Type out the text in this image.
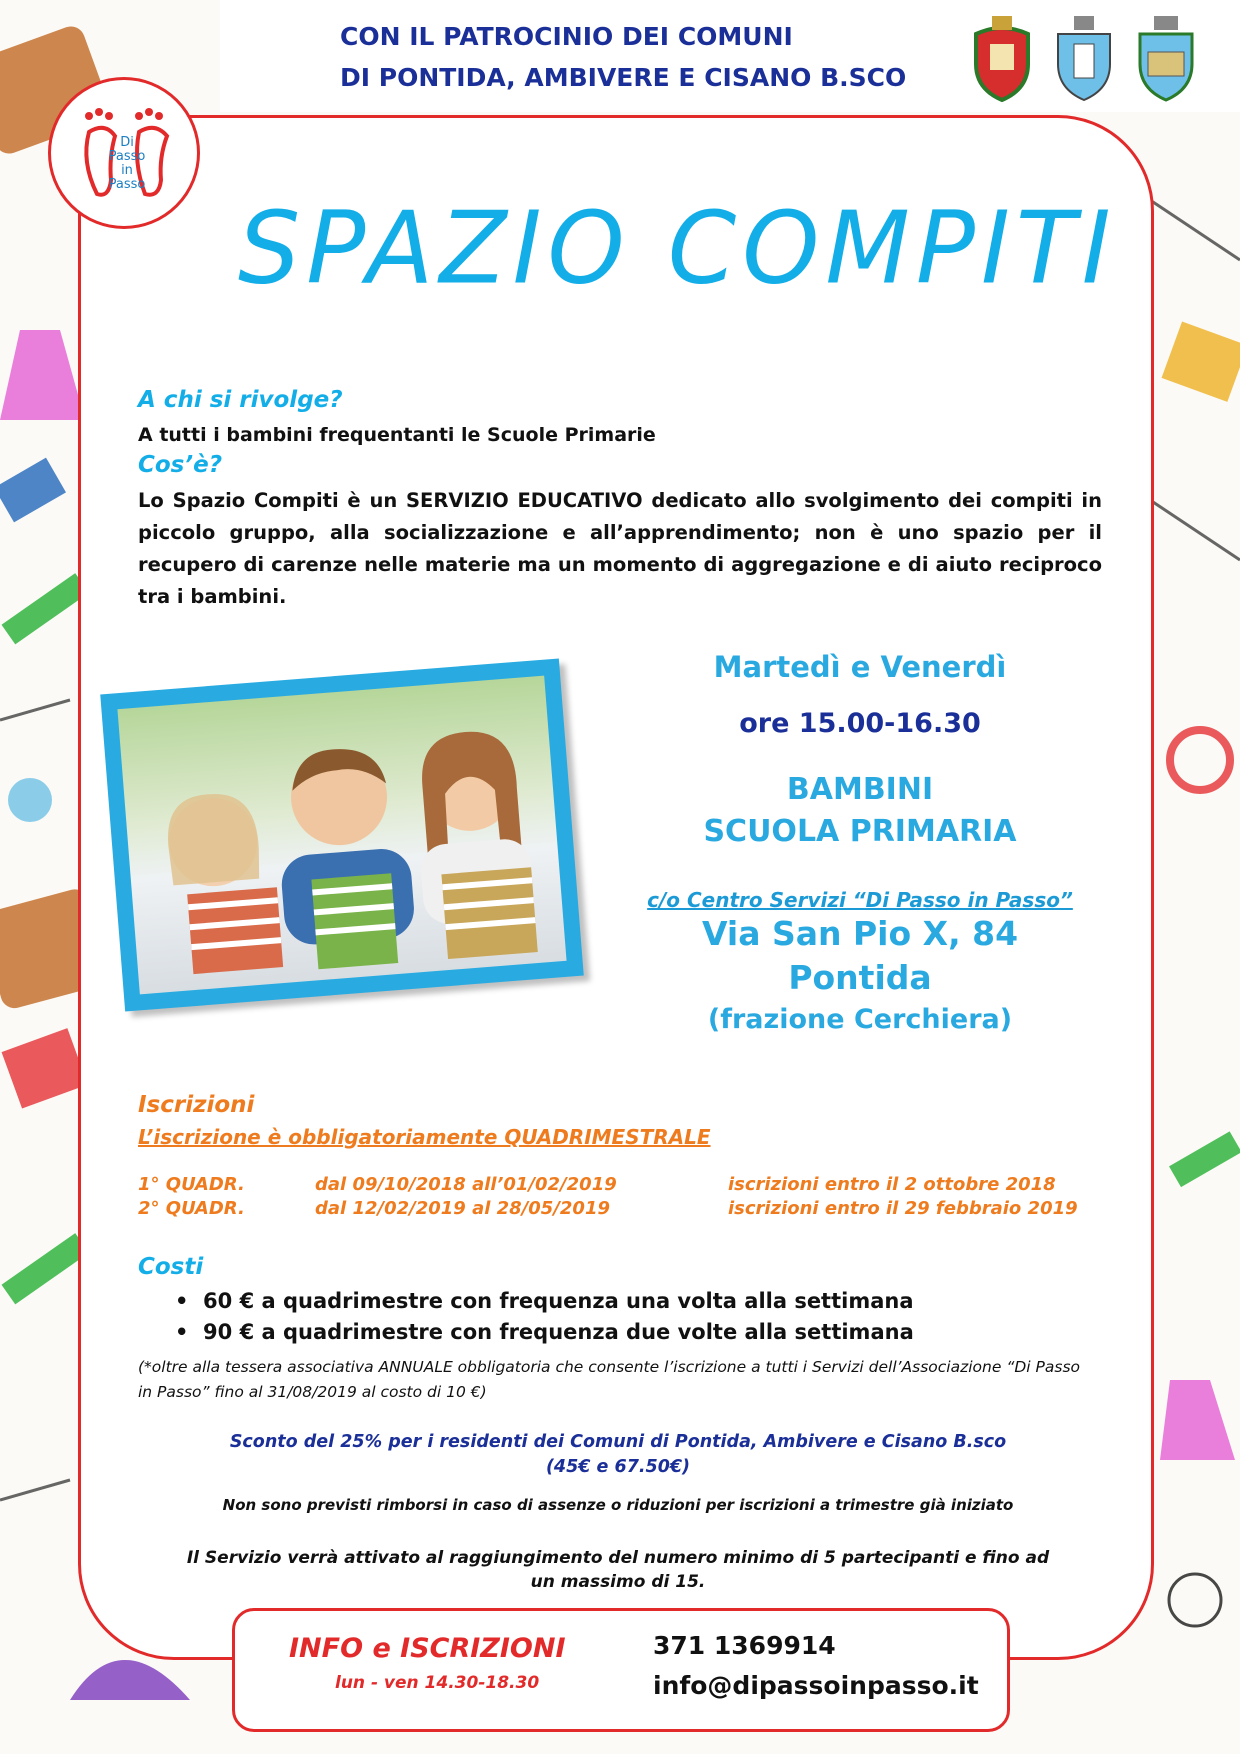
CON IL PATROCINIO DEI COMUNI
DI PONTIDA, AMBIVERE E CISANO B.SCO
Di
Passo
in
Passo
SPAZIO COMPITI
A chi si rivolge?
A tutti i bambini frequentanti le Scuole Primarie
Cos’è?
Lo Spazio Compiti è un SERVIZIO EDUCATIVO dedicato allo svolgimento dei compiti in piccolo gruppo, alla socializzazione e all’apprendimento; non è uno spazio per il recupero di carenze nelle materie ma un momento di aggregazione e di aiuto reciproco tra i bambini.
Martedì e Venerdì
ore 15.00-16.30
BAMBINI
SCUOLA PRIMARIA
c/o Centro Servizi “Di Passo in Passo”
Via San Pio X, 84
Pontida
(frazione Cerchiera)
Iscrizioni
L’iscrizione è obbligatoriamente QUADRIMESTRALE
1° QUADR.	dal 09/10/2018 all’01/02/2019	iscrizioni entro il 2 ottobre 2018
2° QUADR.	dal 12/02/2019 al 28/05/2019	iscrizioni entro il 29 febbraio 2019
Costi
•  60 € a quadrimestre con frequenza una volta alla settimana
•  90 € a quadrimestre con frequenza due volte alla settimana
(*oltre alla tessera associativa ANNUALE obbligatoria che consente l’iscrizione a tutti i Servizi dell’Associazione “Di Passo in Passo” fino al 31/08/2019 al costo di 10 €)
Sconto del 25% per i residenti dei Comuni di Pontida, Ambivere e Cisano B.sco
(45€ e 67.50€)
Non sono previsti rimborsi in caso di assenze o riduzioni per iscrizioni a trimestre già iniziato
Il Servizio verrà attivato al raggiungimento del numero minimo di 5 partecipanti e fino ad un massimo di 15.
INFO e ISCRIZIONI
lun - ven 14.30-18.30
371 1369914
info@dipassoinpasso.it
